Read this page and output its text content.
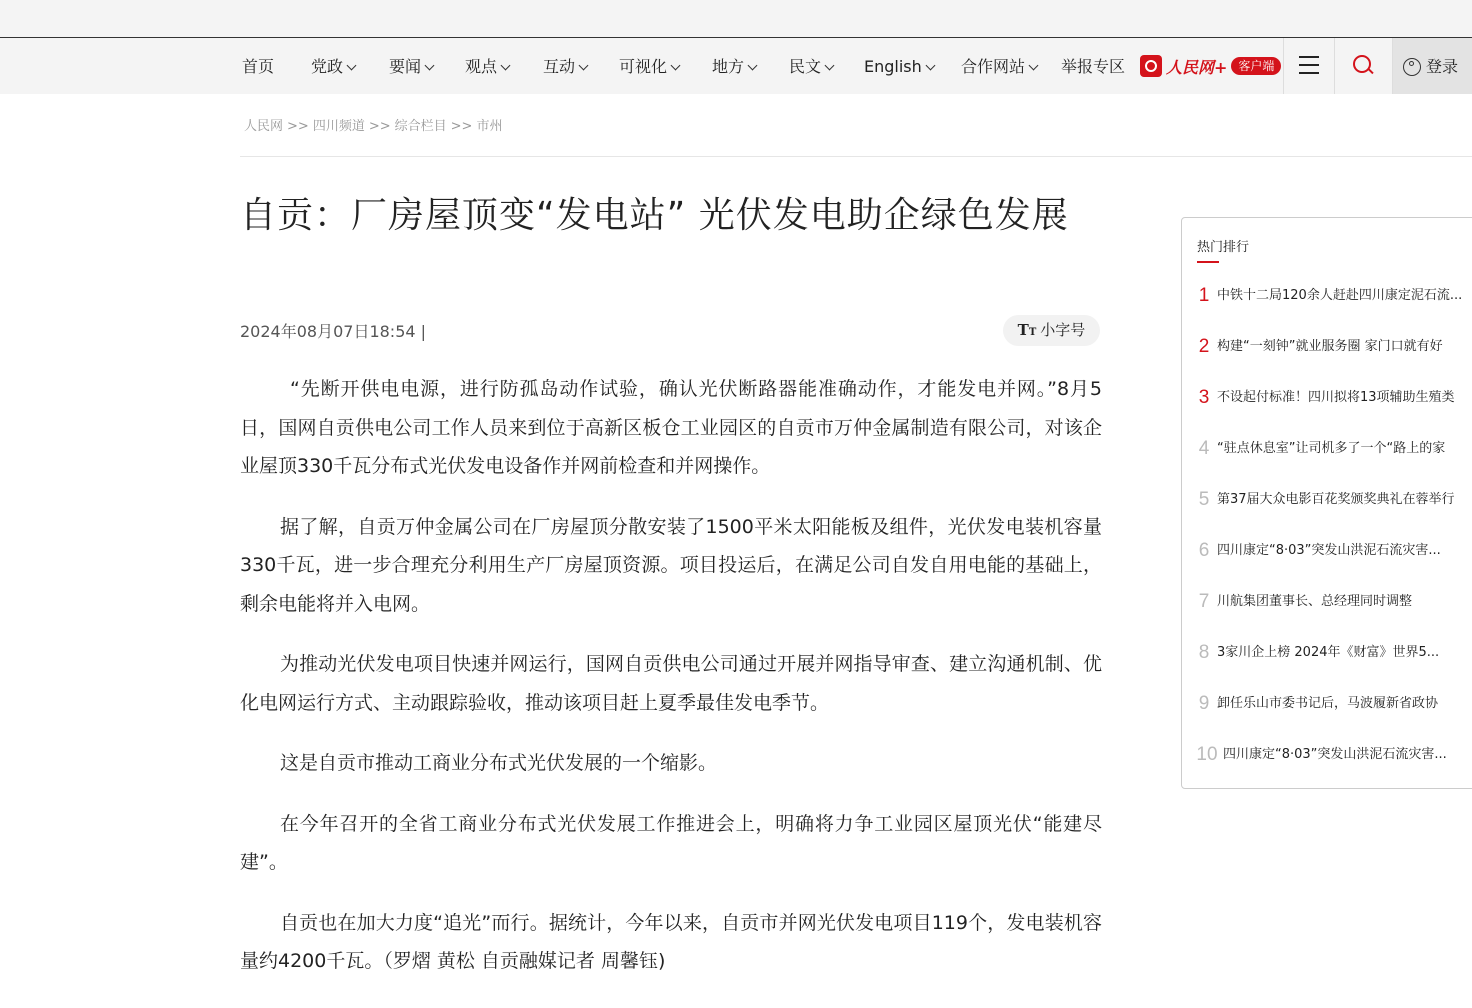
首页 党政	要闻	观点	互动	可视化	地方	民文	English	合作网站	举报专区	人民网+ 客户端	登录
人民网 >> 四川频道 >> 综合栏目 >> 市州
自贡：厂房屋顶变“发电站” 光伏发电助企绿色发展
2024年08月07日18:54 |	TT 小字号

“先断开供电电源，进行防孤岛动作试验，确认光伏断路器能准确动作，才能发电并网。”8月5日，国网自贡供电公司工作人员来到位于高新区板仓工业园区的自贡市万仲金属制造有限公司，对该企业屋顶330千瓦分布式光伏发电设备作并网前检查和并网操作。

据了解，自贡万仲金属公司在厂房屋顶分散安装了1500平米太阳能板及组件，光伏发电装机容量330千瓦，进一步合理充分利用生产厂房屋顶资源。项目投运后，在满足公司自发自用电能的基础上，剩余电能将并入电网。

为推动光伏发电项目快速并网运行，国网自贡供电公司通过开展并网指导审查、建立沟通机制、优化电网运行方式、主动跟踪验收，推动该项目赶上夏季最佳发电季节。

这是自贡市推动工商业分布式光伏发展的一个缩影。

在今年召开的全省工商业分布式光伏发展工作推进会上，明确将力争工业园区屋顶光伏“能建尽建”。

自贡也在加大力度“追光”而行。据统计，今年以来，自贡市并网光伏发电项目119个，发电装机容量约4200千瓦。（罗熠 黄松 自贡融媒记者 周馨钰)

热门排行
1 中铁十二局120余人赶赴四川康定泥石流...
2 构建“一刻钟”就业服务圈 家门口就有好
3 不设起付标准！四川拟将13项辅助生殖类
4 “驻点休息室”让司机多了一个“路上的家
5 第37届大众电影百花奖颁奖典礼在蓉举行
6 四川康定“8·03”突发山洪泥石流灾害...
7 川航集团董事长、总经理同时调整
8 3家川企上榜 2024年《财富》世界5...
9 卸任乐山市委书记后，马波履新省政协
10 四川康定“8·03”突发山洪泥石流灾害...
